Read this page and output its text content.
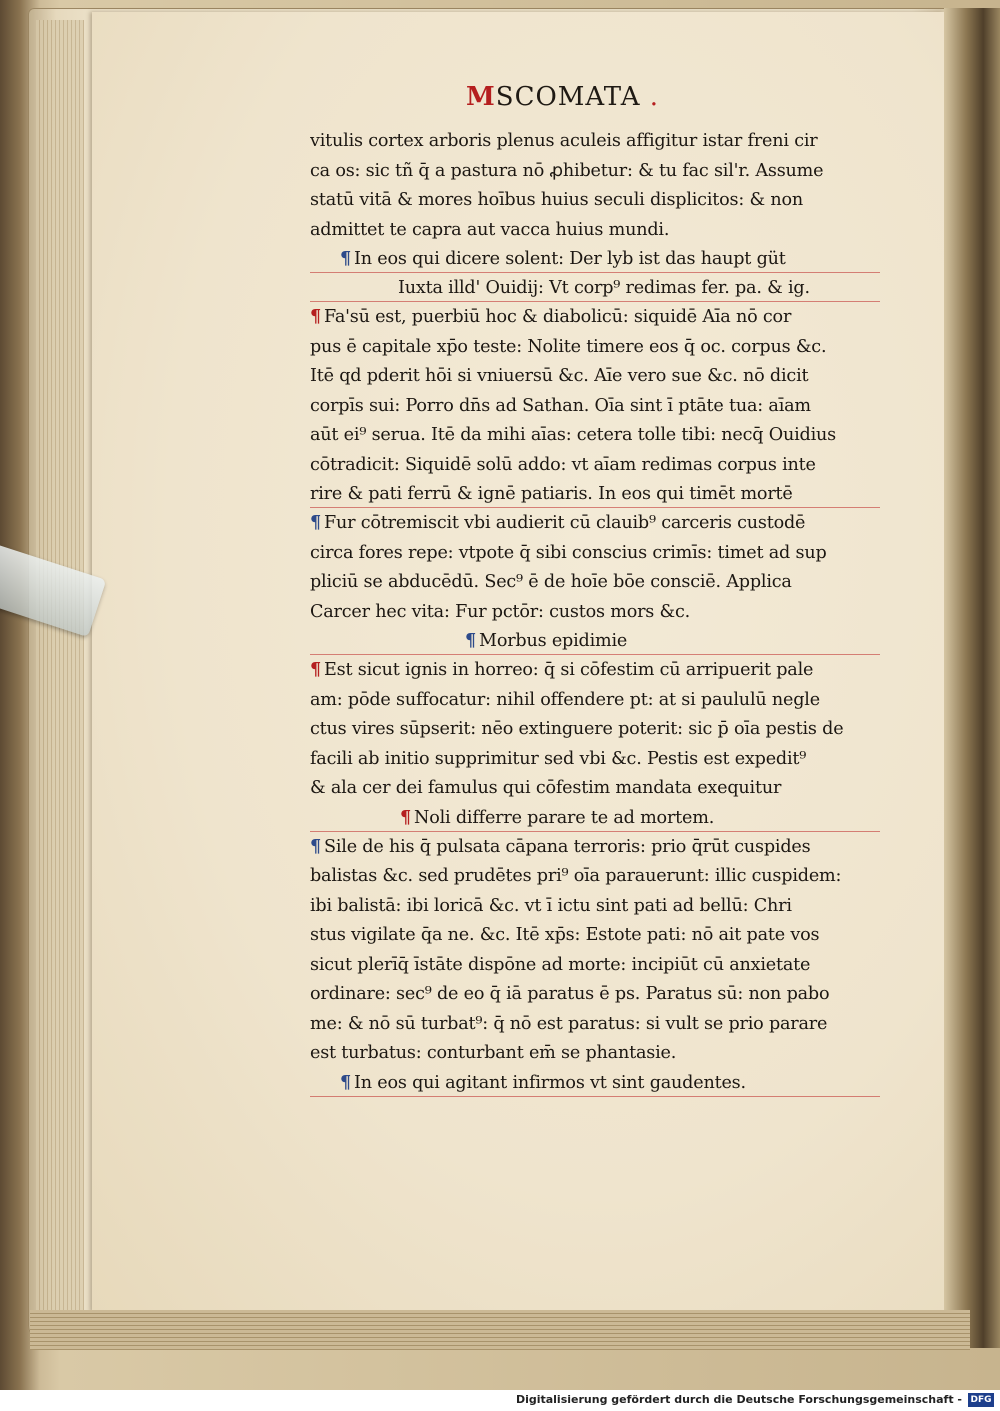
MSCOMATA .
vitulis cortex arboris plenus aculeis affigitur istar freni cir
ca os: sic tñ q̄ a pastura nō ꝓhibetur: & tu fac sil'r. Assume
statū vitā & mores hoībus huius seculi displicitos: & non
admittet te capra aut vacca huius mundi.
¶ In eos qui dicere solent: Der lyb ist das haupt güt
Iuxta illd' Ouidij: Vt corp⁹ redimas fer. pa. & ig.
¶ Fa'sū est, puerbiū hoc & diabolicū: siquidē Aīa nō cor
pus ē capitale xp̄o teste: Nolite timere eos q̄ oc. corpus &c.
Itē qd pderit hōi si vniuersū &c. Aīe vero sue &c. nō dicit
corpīs sui: Porro dn̄s ad Sathan. Oīa sint ī ptāte tua: aīam
aūt ei⁹ serua. Itē da mihi aīas: cetera tolle tibi: necq̄ Ouidius
cōtradicit: Siquidē solū addo: vt aīam redimas corpus inte
rire & pati ferrū & ignē patiaris. In eos qui timēt mortē
¶ Fur cōtremiscit vbi audierit cū clauib⁹ carceris custodē
circa fores repe: vtpote q̄ sibi conscius crimīs: timet ad sup
pliciū se abducēdū. Sec⁹ ē de hoīe bōe consciē. Applica
Carcer hec vita: Fur pctōr: custos mors &c.
¶ Morbus epidimie
¶ Est sicut ignis in horreo: q̄ si cōfestim cū arripuerit pale
am: pōde suffocatur: nihil offendere pt: at si paululū negle
ctus vires sūpserit: nēo extinguere poterit: sic p̄ oīa pestis de
facili ab initio supprimitur sed vbi &c. Pestis est expedit⁹
& ala cer dei famulus qui cōfestim mandata exequitur
¶ Noli differre parare te ad mortem.
¶ Sile de his q̄ pulsata cāpana terroris: prio q̄rūt cuspides
balistas &c. sed prudētes pri⁹ oīa parauerunt: illic cuspidem:
ibi balistā: ibi loricā &c. vt ī ictu sint pati ad bellū: Chri
stus vigilate q̄a ne. &c. Itē xp̄s: Estote pati: nō ait pate vos
sicut plerīq̄ īstāte dispōne ad morte: incipiūt cū anxietate
ordinare: sec⁹ de eo q̄ iā paratus ē ps. Paratus sū: non pabo
me: & nō sū turbat⁹: q̄ nō est paratus: si vult se prio parare
est turbatus: conturbant em̄ se phantasie.
¶ In eos qui agitant infirmos vt sint gaudentes.
Digitalisierung gefördert durch die Deutsche Forschungsgemeinschaft - DFG
